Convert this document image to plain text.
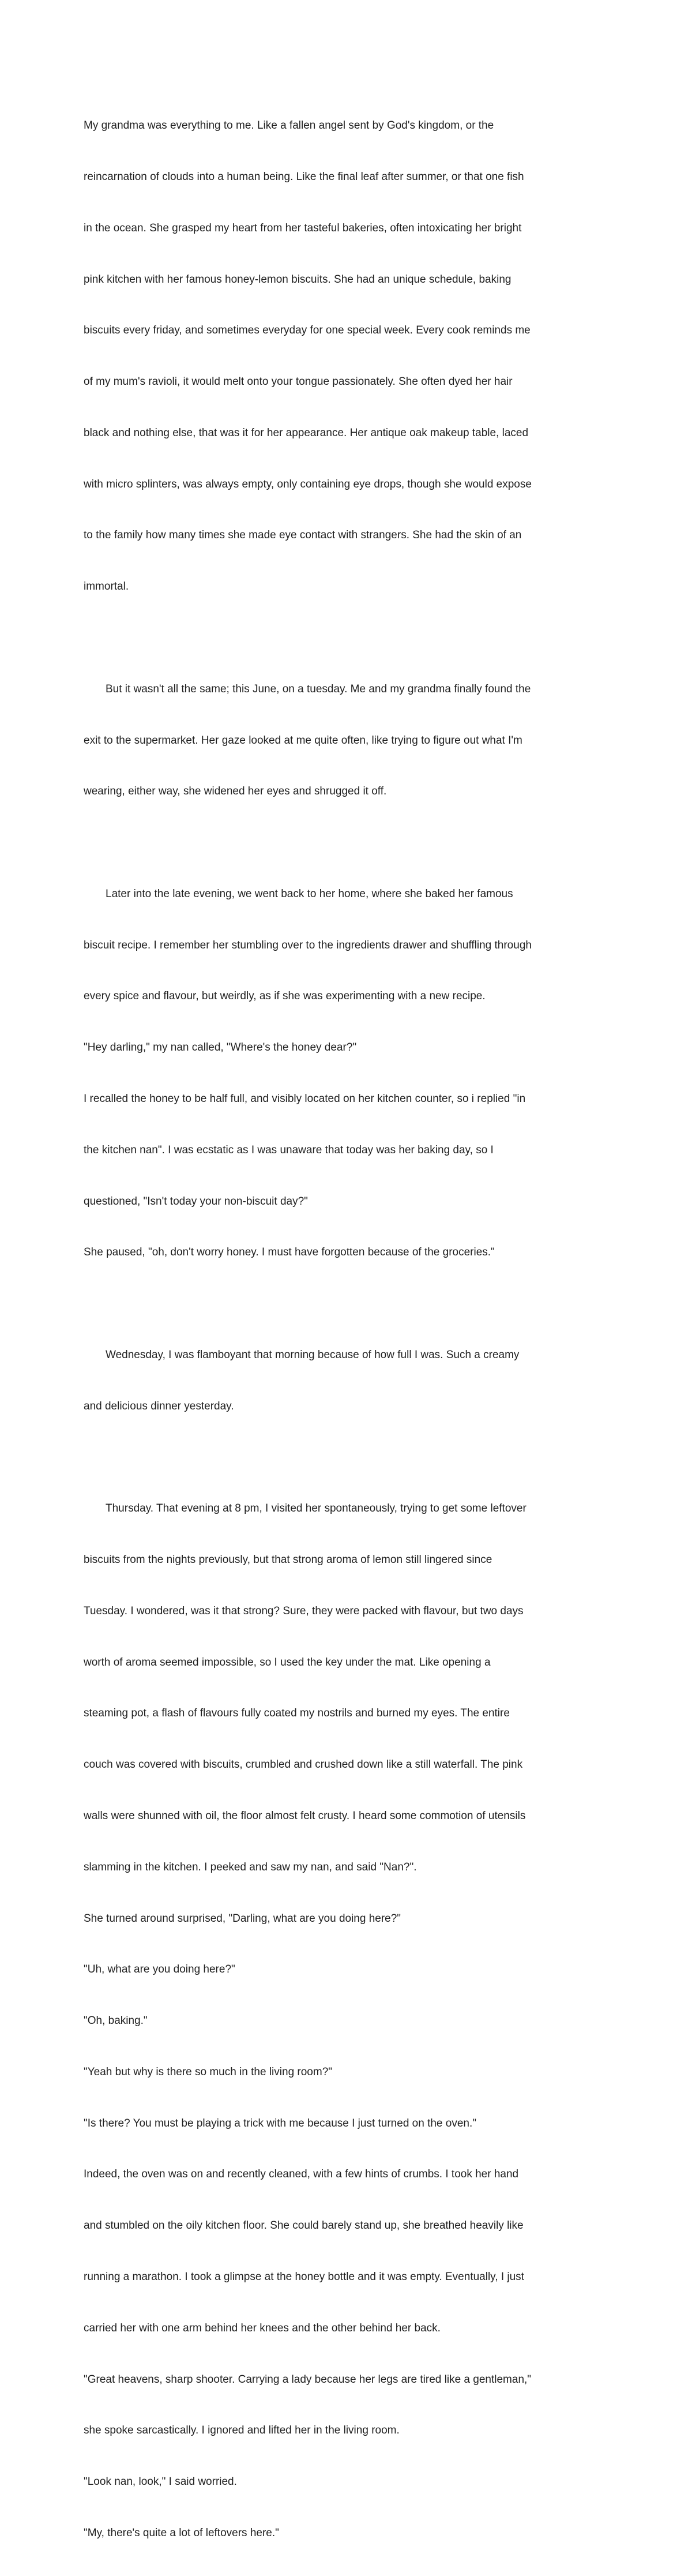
My grandma was everything to me. Like a fallen angel sent by God's kingdom, or the

reincarnation of clouds into a human being. Like the final leaf after summer, or that one fish

in the ocean. She grasped my heart from her tasteful bakeries, often intoxicating her bright

pink kitchen with her famous honey-lemon biscuits. She had an unique schedule, baking

biscuits every friday, and sometimes everyday for one special week. Every cook reminds me

of my mum's ravioli, it would melt onto your tongue passionately. She often dyed her hair

black and nothing else, that was it for her appearance. Her antique oak makeup table, laced

with micro splinters, was always empty, only containing eye drops, though she would expose

to the family how many times she made eye contact with strangers. She had the skin of an

immortal.

But it wasn't all the same; this June, on a tuesday. Me and my grandma finally found the

exit to the supermarket. Her gaze looked at me quite often, like trying to figure out what I'm

wearing, either way, she widened her eyes and shrugged it off.

Later into the late evening, we went back to her home, where she baked her famous

biscuit recipe. I remember her stumbling over to the ingredients drawer and shuffling through

every spice and flavour, but weirdly, as if she was experimenting with a new recipe.

"Hey darling," my nan called, "Where's the honey dear?"

I recalled the honey to be half full, and visibly located on her kitchen counter, so i replied "in

the kitchen nan". I was ecstatic as I was unaware that today was her baking day, so I

questioned, "Isn't today your non-biscuit day?"

She paused, "oh, don't worry honey. I must have forgotten because of the groceries."

Wednesday, I was flamboyant that morning because of how full I was. Such a creamy

and delicious dinner yesterday.

Thursday. That evening at 8 pm, I visited her spontaneously, trying to get some leftover

biscuits from the nights previously, but that strong aroma of lemon still lingered since

Tuesday. I wondered, was it that strong? Sure, they were packed with flavour, but two days

worth of aroma seemed impossible, so I used the key under the mat. Like opening a

steaming pot, a flash of flavours fully coated my nostrils and burned my eyes. The entire

couch was covered with biscuits, crumbled and crushed down like a still waterfall. The pink

walls were shunned with oil, the floor almost felt crusty. I heard some commotion of utensils

slamming in the kitchen. I peeked and saw my nan, and said "Nan?".

She turned around surprised, "Darling, what are you doing here?"

"Uh, what are you doing here?"

"Oh, baking."

"Yeah but why is there so much in the living room?"

"Is there? You must be playing a trick with me because I just turned on the oven."

Indeed, the oven was on and recently cleaned, with a few hints of crumbs. I took her hand

and stumbled on the oily kitchen floor. She could barely stand up, she breathed heavily like

running a marathon. I took a glimpse at the honey bottle and it was empty. Eventually, I just

carried her with one arm behind her knees and the other behind her back.

"Great heavens, sharp shooter. Carrying a lady because her legs are tired like a gentleman,"

she spoke sarcastically. I ignored and lifted her in the living room.

"Look nan, look," I said worried.

"My, there's quite a lot of leftovers here."
